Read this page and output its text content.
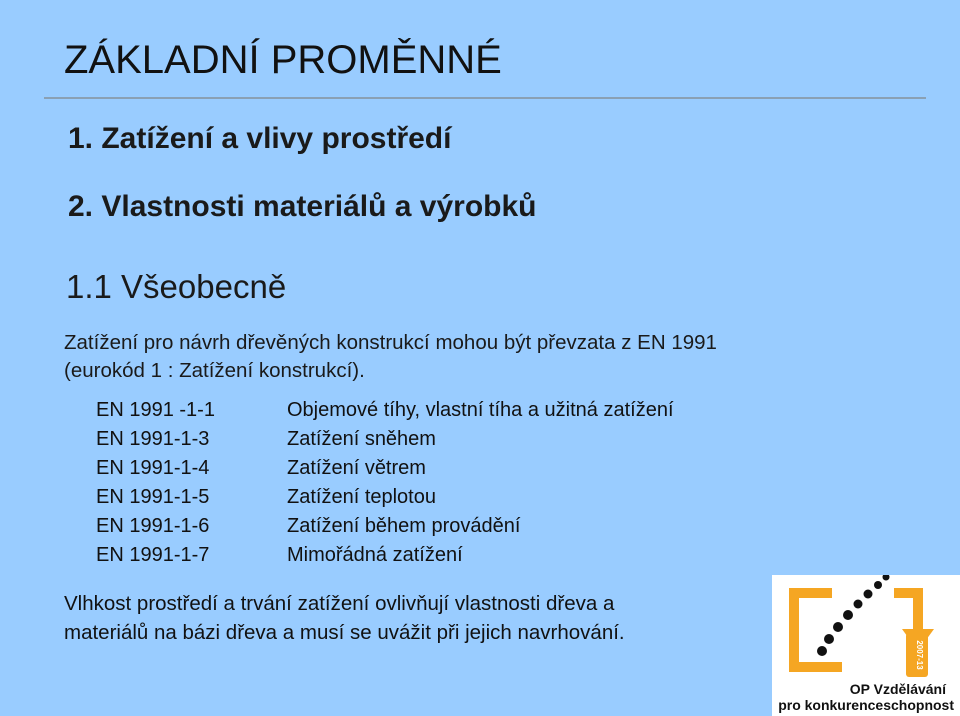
ZÁKLADNÍ PROMĚNNÉ
1. Zatížení a vlivy prostředí
2. Vlastnosti materiálů a výrobků
1.1 Všeobecně
Zatížení pro návrh dřevěných konstrukcí mohou být převzata z EN 1991
(eurokód 1 : Zatížení konstrukcí).
EN 1991 -1-1	Objemové tíhy, vlastní tíha a užitná zatížení
EN 1991-1-3	Zatížení sněhem
EN 1991-1-4	Zatížení větrem
EN 1991-1-5	Zatížení teplotou
EN 1991-1-6	Zatížení během provádění
EN 1991-1-7	Mimořádná zatížení
Vlhkost prostředí a trvání zatížení ovlivňují vlastnosti dřeva a
materiálů na bázi dřeva a musí se uvážit při jejich navrhování.
2007-13
OP Vzdělávání
pro konkurenceschopnost
